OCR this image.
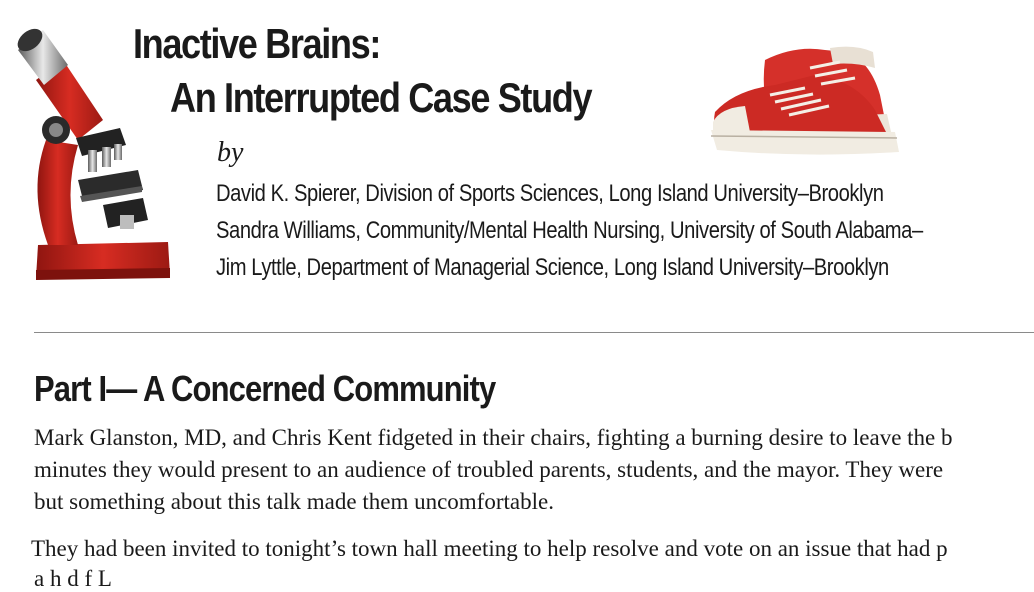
Inactive Brains:
An Interrupted Case Study
by
David K. Spierer, Division of Sports Sciences, Long Island University–Brooklyn
Sandra Williams, Community/Mental Health Nursing, University of South Alabama–
Jim Lyttle, Department of Managerial Science, Long Island University–Brooklyn
Part I— A Concerned Community
Mark Glanston, MD, and Chris Kent fidgeted in their chairs, fighting a burning desire to leave the b
minutes they would present to an audience of troubled parents, students, and the mayor. They were
but something about this talk made them uncomfortable.
They had been invited to tonight’s town hall meeting to help resolve and vote on an issue that had p
a h d f L
